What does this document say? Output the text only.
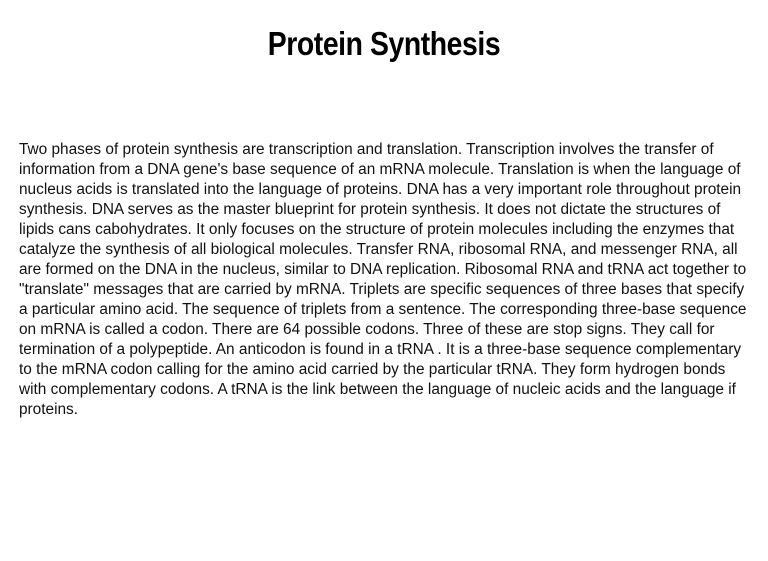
Protein Synthesis

Two phases of protein synthesis are transcription and translation. Transcription involves the transfer of information from a DNA gene's base sequence of an mRNA molecule. Translation is when the language of nucleus acids is translated into the language of proteins. DNA has a very important role throughout protein synthesis. DNA serves as the master blueprint for protein synthesis. It does not dictate the structures of lipids cans cabohydrates. It only focuses on the structure of protein molecules including the enzymes that catalyze the synthesis of all biological molecules. Transfer RNA, ribosomal RNA, and messenger RNA, all are formed on the DNA in the nucleus, similar to DNA replication. Ribosomal RNA and tRNA act together to "translate" messages that are carried by mRNA. Triplets are specific sequences of three bases that specify a particular amino acid. The sequence of triplets from a sentence. The corresponding three-base sequence on mRNA is called a codon. There are 64 possible codons. Three of these are stop signs. They call for termination of a polypeptide. An anticodon is found in a tRNA . It is a three-base sequence complementary to the mRNA codon calling for the amino acid carried by the particular tRNA. They form hydrogen bonds with complementary codons. A tRNA is the link between the language of nucleic acids and the language if proteins.
